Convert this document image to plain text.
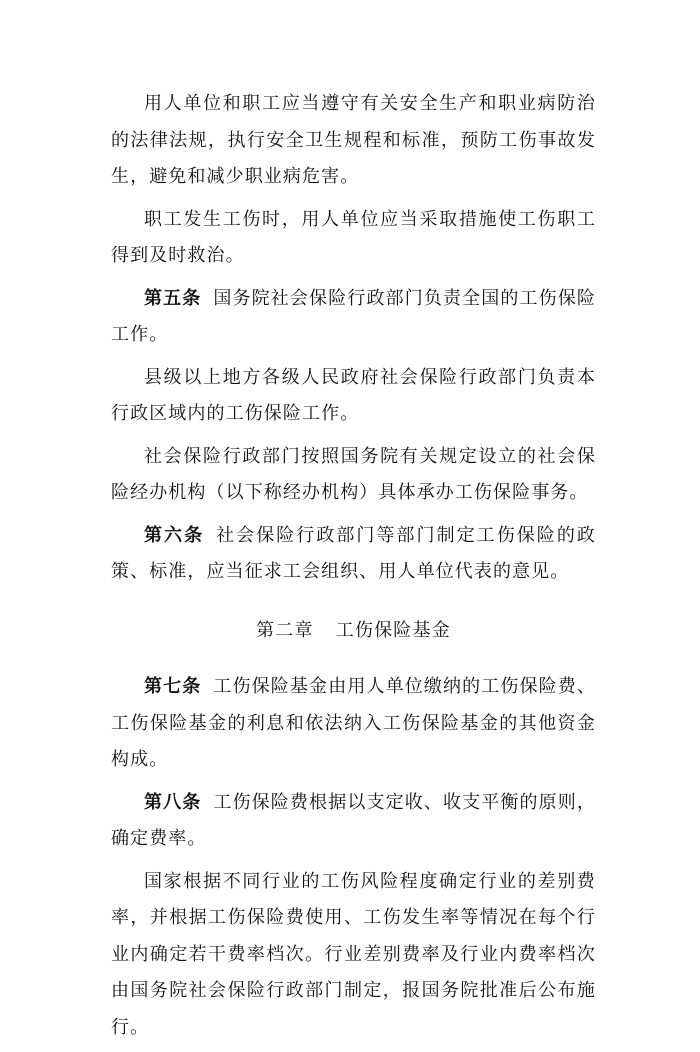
用人单位和职工应当遵守有关安全生产和职业病防治的法律法规，执行安全卫生规程和标准，预防工伤事故发生，避免和减少职业病危害。

职工发生工伤时，用人单位应当采取措施使工伤职工得到及时救治。

第五条 国务院社会保险行政部门负责全国的工伤保险工作。

县级以上地方各级人民政府社会保险行政部门负责本行政区域内的工伤保险工作。

社会保险行政部门按照国务院有关规定设立的社会保险经办机构（以下称经办机构）具体承办工伤保险事务。

第六条 社会保险行政部门等部门制定工伤保险的政策、标准，应当征求工会组织、用人单位代表的意见。

第二章 工伤保险基金

第七条 工伤保险基金由用人单位缴纳的工伤保险费、工伤保险基金的利息和依法纳入工伤保险基金的其他资金构成。

第八条 工伤保险费根据以支定收、收支平衡的原则，确定费率。

国家根据不同行业的工伤风险程度确定行业的差别费率，并根据工伤保险费使用、工伤发生率等情况在每个行业内确定若干费率档次。行业差别费率及行业内费率档次由国务院社会保险行政部门制定，报国务院批准后公布施行。
